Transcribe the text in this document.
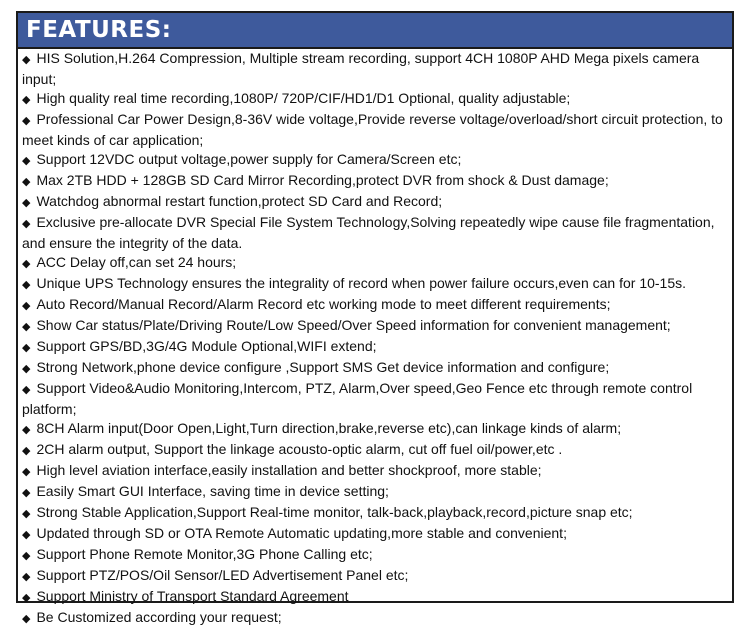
FEATURES:
◆ HIS Solution,H.264 Compression, Multiple stream recording, support 4CH 1080P AHD Mega pixels camera input;
◆ High quality real time recording,1080P/ 720P/CIF/HD1/D1 Optional, quality adjustable;
◆ Professional Car Power Design,8-36V wide voltage,Provide reverse voltage/overload/short circuit protection, to meet kinds of car application;
◆ Support 12VDC output voltage,power supply for Camera/Screen etc;
◆ Max 2TB HDD + 128GB SD Card Mirror Recording,protect DVR from shock & Dust damage;
◆ Watchdog abnormal restart function,protect SD Card and Record;
◆ Exclusive pre-allocate DVR Special File System Technology,Solving repeatedly wipe cause file fragmentation, and ensure the integrity of the data.
◆ ACC Delay off,can set 24 hours;
◆ Unique UPS Technology ensures the integrality of record when power failure occurs,even can for 10-15s.
◆ Auto Record/Manual Record/Alarm Record etc working mode to meet different requirements;
◆ Show Car status/Plate/Driving Route/Low Speed/Over Speed information for convenient management;
◆ Support GPS/BD,3G/4G Module Optional,WIFI extend;
◆ Strong Network,phone device configure ,Support SMS Get device information and configure;
◆ Support Video&Audio Monitoring,Intercom, PTZ, Alarm,Over speed,Geo Fence etc through remote control platform;
◆ 8CH Alarm input(Door Open,Light,Turn direction,brake,reverse etc),can linkage kinds of alarm;
◆ 2CH alarm output, Support the linkage acousto-optic alarm, cut off fuel oil/power,etc .
◆ High level aviation interface,easily installation and better shockproof, more stable;
◆ Easily Smart GUI Interface, saving time in device setting;
◆ Strong Stable Application,Support Real-time monitor, talk-back,playback,record,picture snap etc;
◆ Updated through SD or OTA Remote Automatic updating,more stable and convenient;
◆ Support Phone Remote Monitor,3G Phone Calling etc;
◆ Support PTZ/POS/Oil Sensor/LED Advertisement Panel etc;
◆ Support Ministry of Transport Standard Agreement
◆ Be Customized according your request;
